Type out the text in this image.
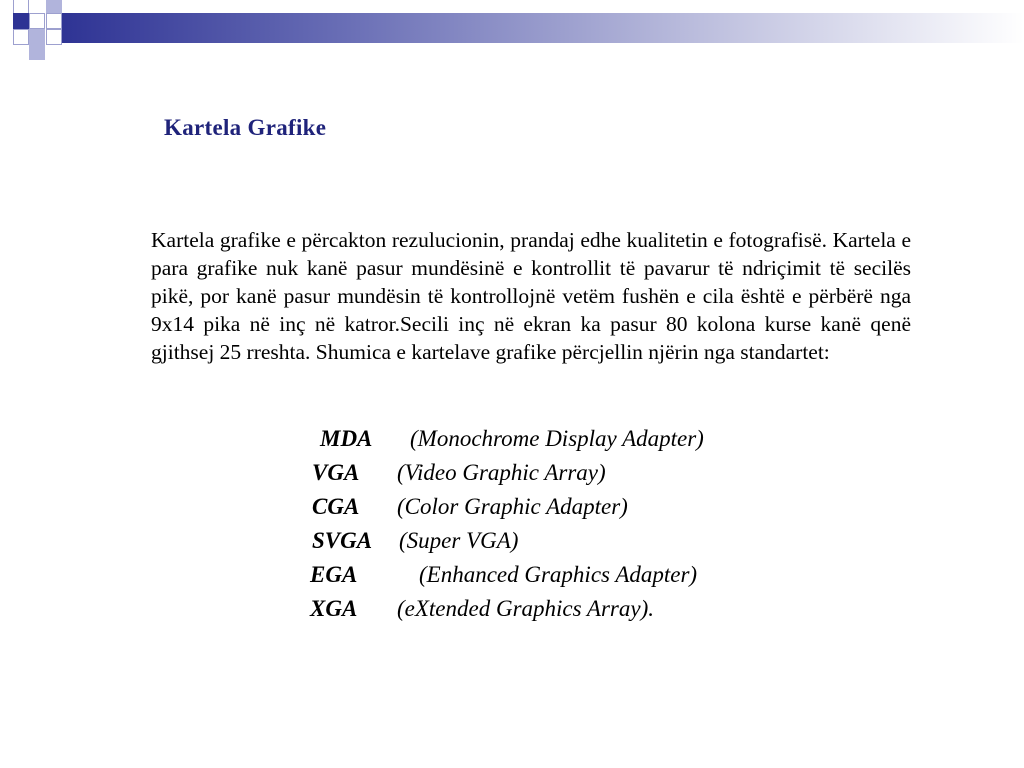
Kartela Grafike
Kartela grafike e përcakton rezulucionin, prandaj edhe kualitetin e fotografisë. Kartela e para grafike nuk kanë pasur mundësinë e kontrollit të pavarur të ndriçimit të secilës pikë, por kanë pasur mundësin të kontrollojnë vetëm fushën e cila është e përbërë nga 9x14 pika në inç në katror.Secili inç në ekran ka pasur 80 kolona kurse kanë qenë gjithsej 25 rreshta. Shumica e kartelave grafike përcjellin njërin nga standartet:
MDA (Monochrome Display Adapter)
VGA (Video Graphic Array)
CGA (Color Graphic Adapter)
SVGA (Super VGA)
EGA	(Enhanced Graphics Adapter)
XGA (eXtended Graphics Array).
